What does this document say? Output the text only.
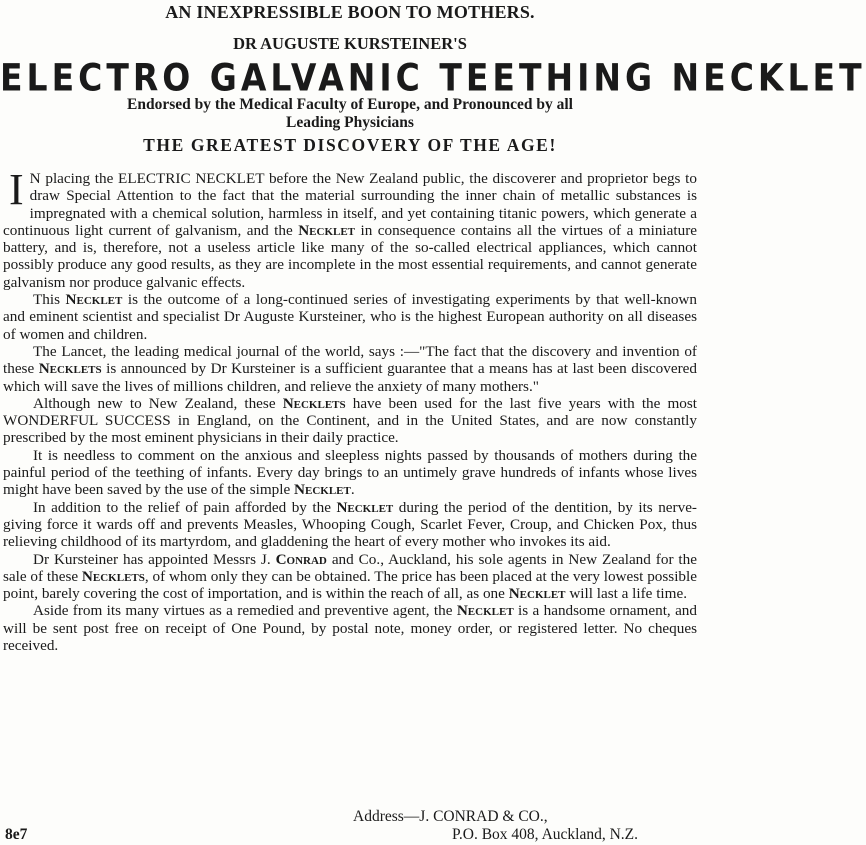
AN INEXPRESSIBLE BOON TO MOTHERS.
DR AUGUSTE KURSTEINER'S
ELECTRO GALVANIC TEETHING NECKLET
Endorsed by the Medical Faculty of Europe, and Pronounced by all
Leading Physicians
THE GREATEST DISCOVERY OF THE AGE!

I N placing the ELECTRIC NECKLET before the New Zealand public, the discoverer and proprietor begs to draw Special Attention to the fact that the material surrounding the inner chain of metallic substances is impregnated with a chemical solution, harmless in itself, and yet containing titanic powers, which generate a continuous light current of galvanism, and the Necklet in consequence contains all the virtues of a miniature battery, and is, therefore, not a useless article like many of the so-called electrical appliances, which cannot possibly produce any good results, as they are incomplete in the most essential requirements, and cannot generate galvanism nor produce galvanic effects.

This Necklet is the outcome of a long-continued series of investigating experiments by that well-known and eminent scientist and specialist Dr Auguste Kursteiner, who is the highest European authority on all diseases of women and children.

The Lancet, the leading medical journal of the world, says :—"The fact that the discovery and invention of these Necklets is announced by Dr Kursteiner is a sufficient guarantee that a means has at last been discovered which will save the lives of millions children, and relieve the anxiety of many mothers."

Although new to New Zealand, these Necklets have been used for the last five years with the most WONDERFUL SUCCESS in England, on the Continent, and in the United States, and are now constantly prescribed by the most eminent physicians in their daily practice.

It is needless to comment on the anxious and sleepless nights passed by thousands of mothers during the painful period of the teething of infants. Every day brings to an untimely grave hundreds of infants whose lives might have been saved by the use of the simple Necklet.

In addition to the relief of pain afforded by the Necklet during the period of the dentition, by its nerve-giving force it wards off and prevents Measles, Whooping Cough, Scarlet Fever, Croup, and Chicken Pox, thus relieving childhood of its martyrdom, and gladdening the heart of every mother who invokes its aid.

Dr Kursteiner has appointed Messrs J. Conrad and Co., Auckland, his sole agents in New Zealand for the sale of these Necklets, of whom only they can be obtained. The price has been placed at the very lowest possible point, barely covering the cost of importation, and is within the reach of all, as one Necklet will last a life time.

Aside from its many virtues as a remedied and preventive agent, the Necklet is a handsome ornament, and will be sent post free on receipt of One Pound, by postal note, money order, or registered letter. No cheques received.

Address—J. CONRAD & CO.,
8e7	P.O. Box 408, Auckland, N.Z.
